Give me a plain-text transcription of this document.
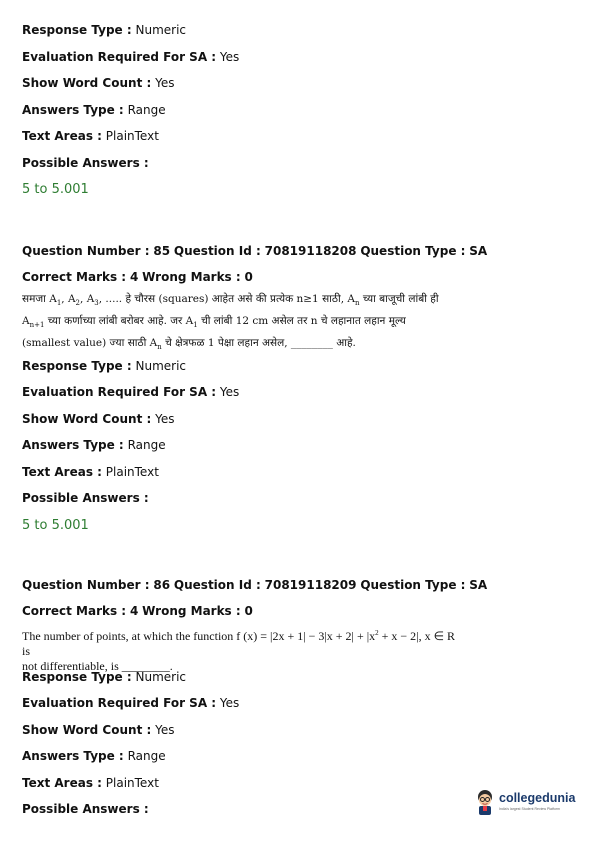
Response Type : Numeric
Evaluation Required For SA : Yes
Show Word Count : Yes
Answers Type : Range
Text Areas : PlainText
Possible Answers :
5 to 5.001
Question Number : 85 Question Id : 70819118208 Question Type : SA
Correct Marks : 4 Wrong Marks : 0
समजा $A_1$, $A_2$, $A_3$, ..... हे चौरस (squares) आहेत असे की प्रत्येक n≥1 साठी, $A_n$ च्या बाजूची लांबी ही
$A_{n+1}$ च्या कर्णाच्या लांबी बरोबर आहे. जर $A_1$ ची लांबी 12 cm असेल तर n चे लहानात लहान मूल्य
(smallest value) ज्या साठी $A_n$ चे क्षेत्रफळ 1 पेक्षा लहान असेल, ________ आहे.
Response Type : Numeric
Evaluation Required For SA : Yes
Show Word Count : Yes
Answers Type : Range
Text Areas : PlainText
Possible Answers :
5 to 5.001
Question Number : 86 Question Id : 70819118209 Question Type : SA
Correct Marks : 4 Wrong Marks : 0
The number of points, at which the function f $(x) = |2x + 1| - 3|x + 2| + |x^2 + x - 2|$, x ∈ R is
not differentiable, is ________.
Response Type : Numeric
Evaluation Required For SA : Yes
Show Word Count : Yes
Answers Type : Range
Text Areas : PlainText
Possible Answers :
collegedunia
India's largest Student Review Platform
